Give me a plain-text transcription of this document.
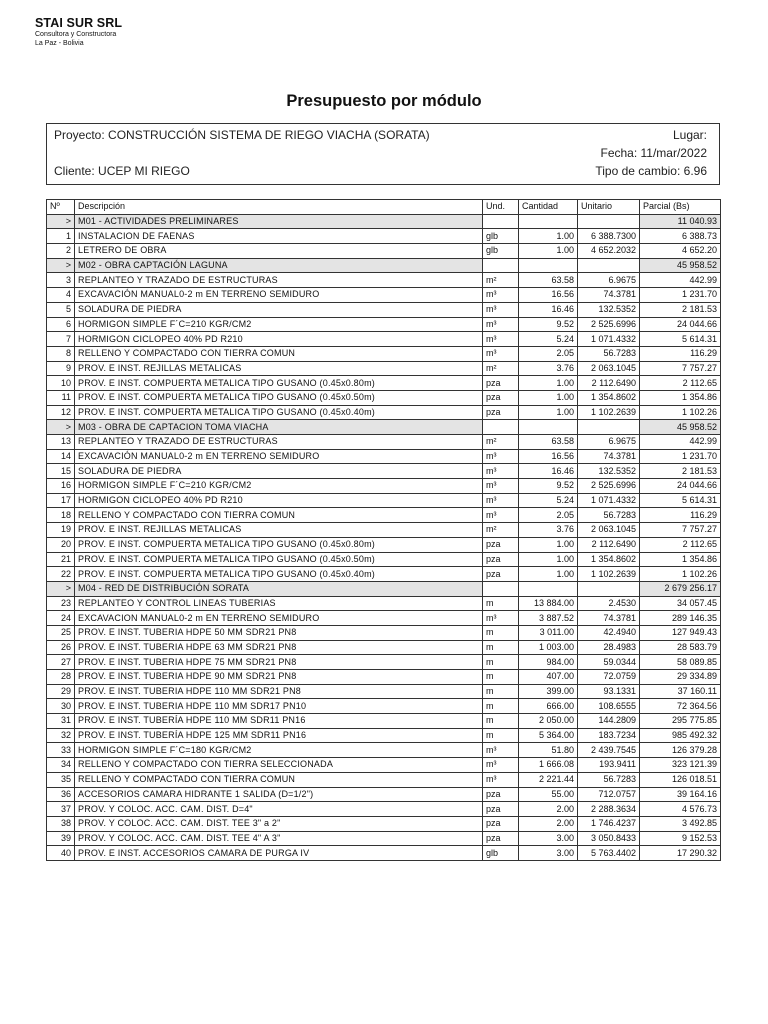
STAI SUR SRL
Consultora y Constructora
La Paz - Bolivia
Presupuesto por módulo
Proyecto: CONSTRUCCIÓN SISTEMA DE RIEGO VIACHA (SORATA)	Lugar:
Fecha: 11/mar/2022
Cliente: UCEP MI RIEGO	Tipo de cambio: 6.96
Nº	Descripción	Und.	Cantidad	Unitario	Parcial (Bs)
>	M01 - ACTIVIDADES PRELIMINARES				11 040.93
1	INSTALACION DE FAENAS	glb	1.00	6 388.7300	6 388.73
2	LETRERO DE OBRA	glb	1.00	4 652.2032	4 652.20
>	M02 - OBRA CAPTACIÓN LAGUNA				45 958.52
3	REPLANTEO Y TRAZADO DE ESTRUCTURAS	m²	63.58	6.9675	442.99
4	EXCAVACIÓN MANUAL0-2 m EN TERRENO SEMIDURO	m³	16.56	74.3781	1 231.70
5	SOLADURA DE PIEDRA	m³	16.46	132.5352	2 181.53
6	HORMIGON SIMPLE F´C=210 KGR/CM2	m³	9.52	2 525.6996	24 044.66
7	HORMIGON CICLOPEO 40% PD R210	m³	5.24	1 071.4332	5 614.31
8	RELLENO Y COMPACTADO CON TIERRA COMUN	m³	2.05	56.7283	116.29
9	PROV. E INST. REJILLAS METALICAS	m²	3.76	2 063.1045	7 757.27
10	PROV. E INST. COMPUERTA METALICA TIPO GUSANO (0.45x0.80m)	pza	1.00	2 112.6490	2 112.65
11	PROV. E INST. COMPUERTA METALICA TIPO GUSANO (0.45x0.50m)	pza	1.00	1 354.8602	1 354.86
12	PROV. E INST. COMPUERTA METALICA TIPO GUSANO (0.45x0.40m)	pza	1.00	1 102.2639	1 102.26
>	M03 - OBRA DE CAPTACION TOMA VIACHA				45 958.52
13	REPLANTEO Y TRAZADO DE ESTRUCTURAS	m²	63.58	6.9675	442.99
14	EXCAVACIÓN MANUAL0-2 m EN TERRENO SEMIDURO	m³	16.56	74.3781	1 231.70
15	SOLADURA DE PIEDRA	m³	16.46	132.5352	2 181.53
16	HORMIGON SIMPLE F´C=210 KGR/CM2	m³	9.52	2 525.6996	24 044.66
17	HORMIGON CICLOPEO 40% PD R210	m³	5.24	1 071.4332	5 614.31
18	RELLENO Y COMPACTADO CON TIERRA COMUN	m³	2.05	56.7283	116.29
19	PROV. E INST. REJILLAS METALICAS	m²	3.76	2 063.1045	7 757.27
20	PROV. E INST. COMPUERTA METALICA TIPO GUSANO (0.45x0.80m)	pza	1.00	2 112.6490	2 112.65
21	PROV. E INST. COMPUERTA METALICA TIPO GUSANO (0.45x0.50m)	pza	1.00	1 354.8602	1 354.86
22	PROV. E INST. COMPUERTA METALICA TIPO GUSANO (0.45x0.40m)	pza	1.00	1 102.2639	1 102.26
>	M04 - RED DE DISTRIBUCIÓN SORATA				2 679 256.17
23	REPLANTEO Y CONTROL LINEAS TUBERIAS	m	13 884.00	2.4530	34 057.45
24	EXCAVACION MANUAL0-2 m EN TERRENO SEMIDURO	m³	3 887.52	74.3781	289 146.35
25	PROV. E INST. TUBERIA HDPE 50 MM SDR21 PN8	m	3 011.00	42.4940	127 949.43
26	PROV. E INST. TUBERIA HDPE 63 MM SDR21 PN8	m	1 003.00	28.4983	28 583.79
27	PROV. E INST. TUBERIA HDPE 75 MM SDR21 PN8	m	984.00	59.0344	58 089.85
28	PROV. E INST. TUBERIA HDPE 90 MM SDR21 PN8	m	407.00	72.0759	29 334.89
29	PROV. E INST. TUBERIA HDPE 110 MM SDR21 PN8	m	399.00	93.1331	37 160.11
30	PROV. E INST. TUBERIA HDPE 110 MM SDR17 PN10	m	666.00	108.6555	72 364.56
31	PROV. E INST. TUBERÍA HDPE 110 MM SDR11 PN16	m	2 050.00	144.2809	295 775.85
32	PROV. E INST. TUBERÍA HDPE 125 MM SDR11 PN16	m	5 364.00	183.7234	985 492.32
33	HORMIGON SIMPLE F´C=180 KGR/CM2	m³	51.80	2 439.7545	126 379.28
34	RELLENO Y COMPACTADO CON TIERRA SELECCIONADA	m³	1 666.08	193.9411	323 121.39
35	RELLENO Y COMPACTADO CON TIERRA COMUN	m³	2 221.44	56.7283	126 018.51
36	ACCESORIOS CAMARA HIDRANTE 1 SALIDA (D=1/2")	pza	55.00	712.0757	39 164.16
37	PROV. Y COLOC. ACC. CAM. DIST. D=4"	pza	2.00	2 288.3634	4 576.73
38	PROV. Y COLOC. ACC. CAM. DIST. TEE 3" a 2"	pza	2.00	1 746.4237	3 492.85
39	PROV. Y COLOC. ACC. CAM. DIST. TEE 4" A 3"	pza	3.00	3 050.8433	9 152.53
40	PROV. E INST. ACCESORIOS CAMARA DE PURGA IV	glb	3.00	5 763.4402	17 290.32
